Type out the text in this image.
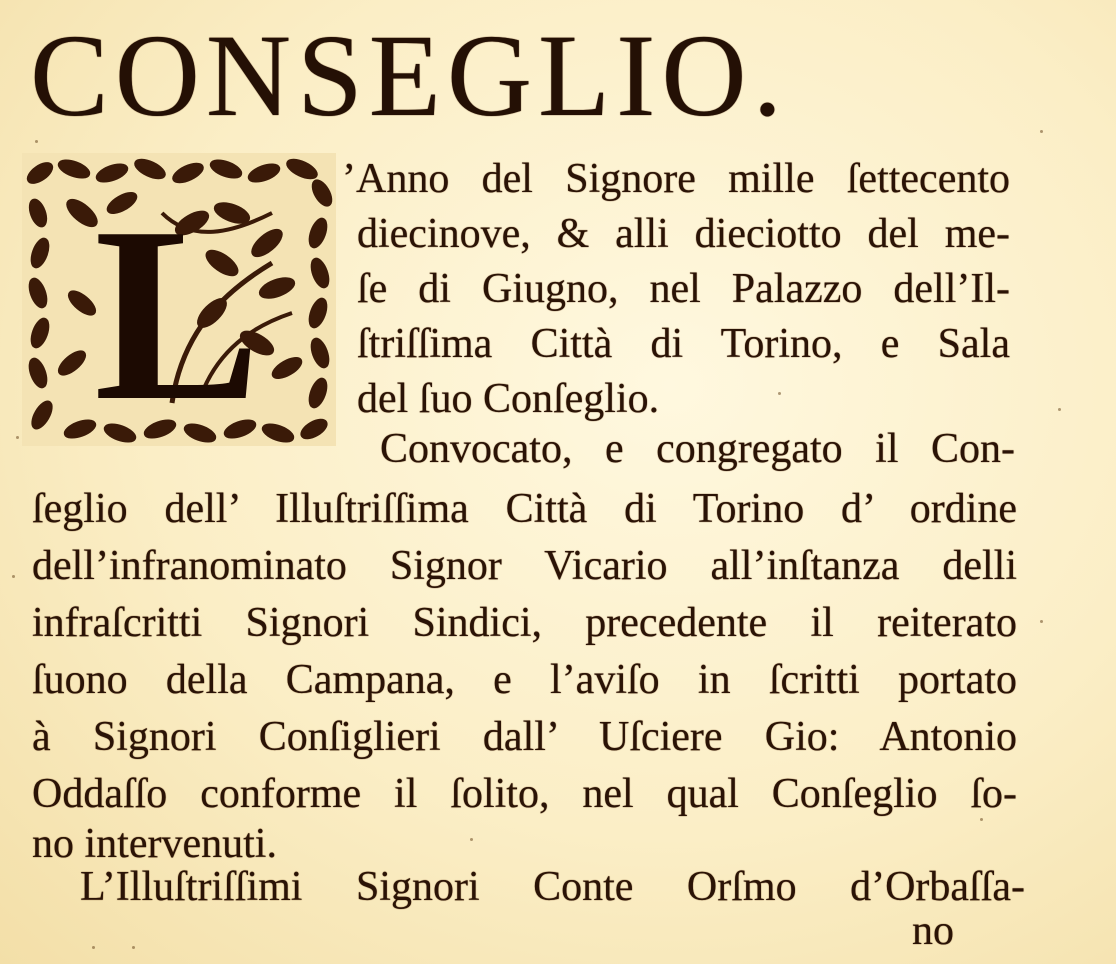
CONSEGLIO.
L ’Anno del Signore mille ſettecento
diecinove, & alli dieciotto del me-
ſe di Giugno, nel Palazzo dell’Il-
ſtriſſima Città di Torino, e Sala
del ſuo Conſeglio.
Convocato, e congregato il Con-
ſeglio dell’ Illuſtriſſima Città di Torino d’ ordine
dell’infranominato Signor Vicario all’inſtanza delli
infraſcritti Signori Sindici, precedente il reiterato
ſuono della Campana, e l’aviſo in ſcritti portato
à Signori Conſiglieri dall’ Uſciere Gio: Antonio
Oddaſſo conforme il ſolito, nel qual Conſeglio ſo-
no intervenuti.
L’Illuſtriſſimi Signori Conte Orſmo d’Orbaſſa-
no
